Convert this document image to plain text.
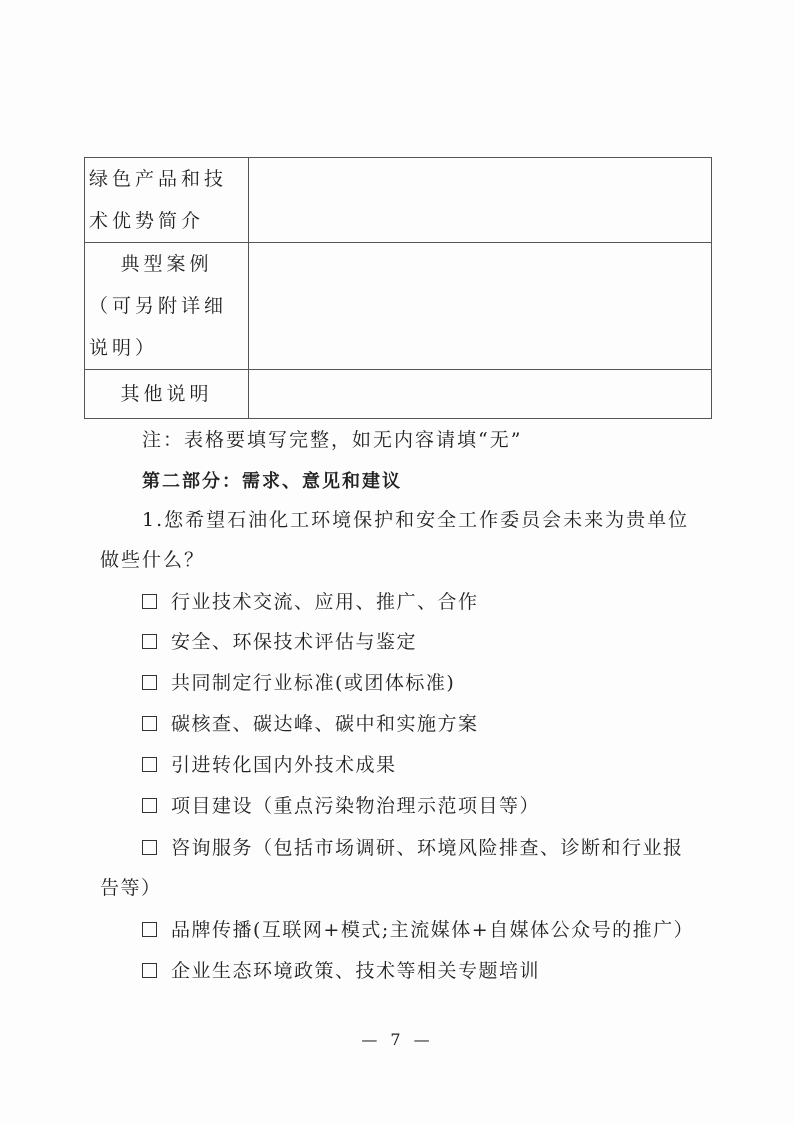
绿色产品和技
术优势简介	

典型案例
（可另附详细
说明）	

其他说明	

注：表格要填写完整，如无内容请填“无”
第二部分：需求、意见和建议
1.您希望石油化工环境保护和安全工作委员会未来为贵单位
做些什么？
行业技术交流、应用、推广、合作
安全、环保技术评估与鉴定
共同制定行业标准(或团体标准)
碳核查、碳达峰、碳中和实施方案
引进转化国内外技术成果
项目建设（重点污染物治理示范项目等）
咨询服务（包括市场调研、环境风险排查、诊断和行业报
告等）
品牌传播(互联网+模式;主流媒体+自媒体公众号的推广）
企业生态环境政策、技术等相关专题培训
— 7 —
